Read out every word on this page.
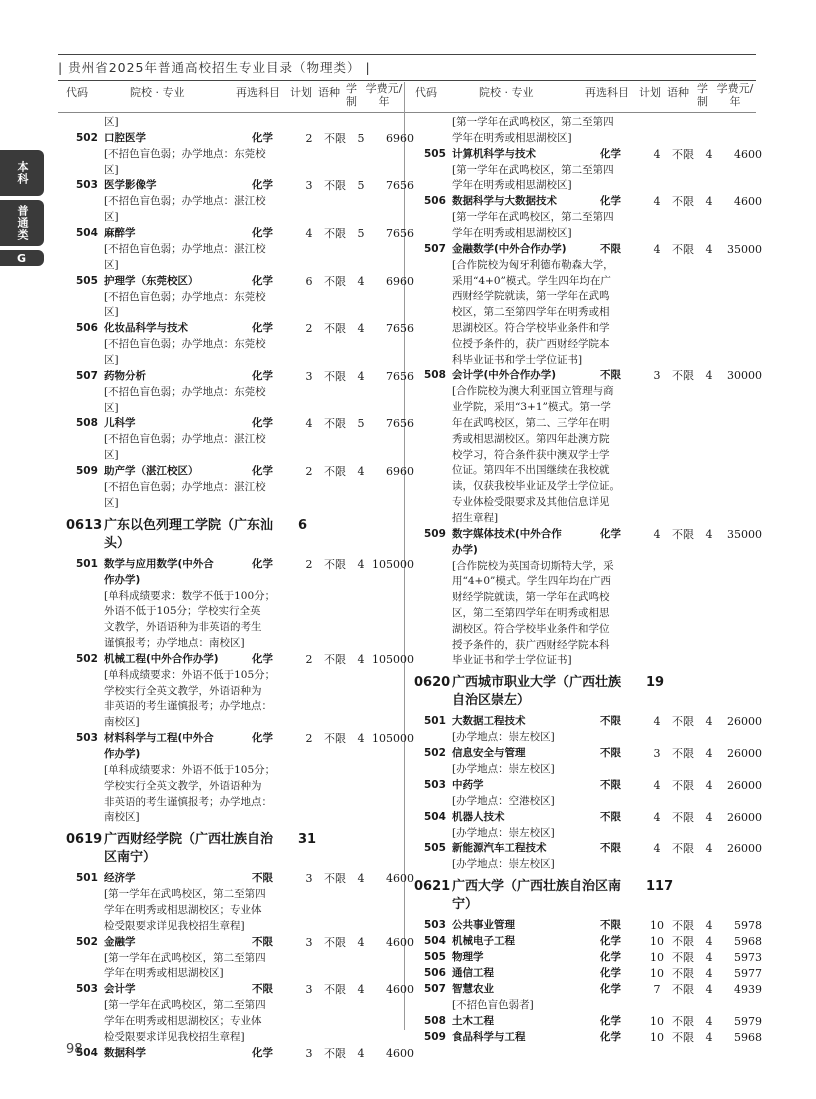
| 贵州省2025年普通高校招生专业目录（物理类） |
本科
普通类
G
代码	院校 · 专业	再选科目 计划 语种 学制
学费元/年
代码	院校 · 专业	再选科目 计划 语种 学制
学费元/年
区]
502 口腔医学	化学	2	不限	5	6960
[不招色盲色弱；办学地点：东莞校
区]
503 医学影像学	化学	3	不限	5	7656
[不招色盲色弱；办学地点：湛江校
区]
504 麻醉学	化学	4	不限	5	7656
[不招色盲色弱；办学地点：湛江校
区]
505 护理学（东莞校区）	化学	6	不限	4	6960
[不招色盲色弱；办学地点：东莞校
区]
506 化妆品科学与技术	化学	2	不限	4	7656
[不招色盲色弱；办学地点：东莞校
区]
507 药物分析	化学	3	不限	4	7656
[不招色盲色弱；办学地点：东莞校
区]
508 儿科学	化学	4	不限	5	7656
[不招色盲色弱；办学地点：湛江校
区]
509 助产学（湛江校区）	化学	2	不限	4	6960
[不招色盲色弱；办学地点：湛江校
区]
0613 广东以色列理工学院（广东汕 6
头）
501 数学与应用数学(中外合	化学	2	不限	4 105000
作办学)
[单科成绩要求：数学不低于100分；
外语不低于105分；学校实行全英
文教学，外语语种为非英语的考生
谨慎报考；办学地点：南校区]
502 机械工程(中外合作办学)	化学	2	不限	4 105000
[单科成绩要求：外语不低于105分；
学校实行全英文教学，外语语种为
非英语的考生谨慎报考；办学地点：
南校区]
503 材料科学与工程(中外合	化学	2	不限	4 105000
作办学)
[单科成绩要求：外语不低于105分；
学校实行全英文教学，外语语种为
非英语的考生谨慎报考；办学地点：
南校区]
0619 广西财经学院（广西壮族自治 31
区南宁）
501 经济学	不限	3	不限	4	4600
[第一学年在武鸣校区，第二至第四
学年在明秀或相思湖校区；专业体
检受限要求详见我校招生章程]
502 金融学	不限	3	不限	4	4600
[第一学年在武鸣校区，第二至第四
学年在明秀或相思湖校区]
503 会计学	不限	3	不限	4	4600
[第一学年在武鸣校区，第二至第四
学年在明秀或相思湖校区；专业体
检受限要求详见我校招生章程]
504 数据科学	化学	3	不限	4	4600
[第一学年在武鸣校区，第二至第四
学年在明秀或相思湖校区]
505 计算机科学与技术	化学	4	不限	4	4600
[第一学年在武鸣校区，第二至第四
学年在明秀或相思湖校区]
506 数据科学与大数据技术	化学	4	不限	4	4600
[第一学年在武鸣校区，第二至第四
学年在明秀或相思湖校区]
507 金融数学(中外合作办学)	不限	4	不限	4	35000
[合作院校为匈牙利德布勒森大学，
采用“4+0”模式。学生四年均在广
西财经学院就读，第一学年在武鸣
校区，第二至第四学年在明秀或相
思湖校区。符合学校毕业条件和学
位授予条件的，获广西财经学院本
科毕业证书和学士学位证书]
508 会计学(中外合作办学)	不限	3	不限	4	30000
[合作院校为澳大利亚国立管理与商
业学院，采用“3+1”模式。第一学
年在武鸣校区，第二、三学年在明
秀或相思湖校区。第四年赴澳方院
校学习，符合条件获中澳双学士学
位证。第四年不出国继续在我校就
读，仅获我校毕业证及学士学位证。
专业体检受限要求及其他信息详见
招生章程]
509 数字媒体技术(中外合作	化学	4	不限	4	35000
办学)
[合作院校为英国奇切斯特大学，采
用“4+0”模式。学生四年均在广西
财经学院就读，第一学年在武鸣校
区，第二至第四学年在明秀或相思
湖校区。符合学校毕业条件和学位
授予条件的，获广西财经学院本科
毕业证书和学士学位证书]
0620 广西城市职业大学（广西壮族 19
自治区崇左）
501 大数据工程技术	不限	4	不限	4	26000
[办学地点：崇左校区]
502 信息安全与管理	不限	3	不限	4	26000
[办学地点：崇左校区]
503 中药学	不限	4	不限	4	26000
[办学地点：空港校区]
504 机器人技术	不限	4	不限	4	26000
[办学地点：崇左校区]
505 新能源汽车工程技术	不限	4	不限	4	26000
[办学地点：崇左校区]
0621 广西大学（广西壮族自治区南 117
宁）
503 公共事业管理	不限	10 不限	4	5978
504 机械电子工程	化学	10 不限	4	5968
505 物理学	化学	10 不限	4	5973
506 通信工程	化学	10 不限	4	5977
507 智慧农业	化学	7	不限	4	4939
[不招色盲色弱者]
508 土木工程	化学	10 不限	4	5979
509 食品科学与工程	化学	10 不限	4	5968
98
